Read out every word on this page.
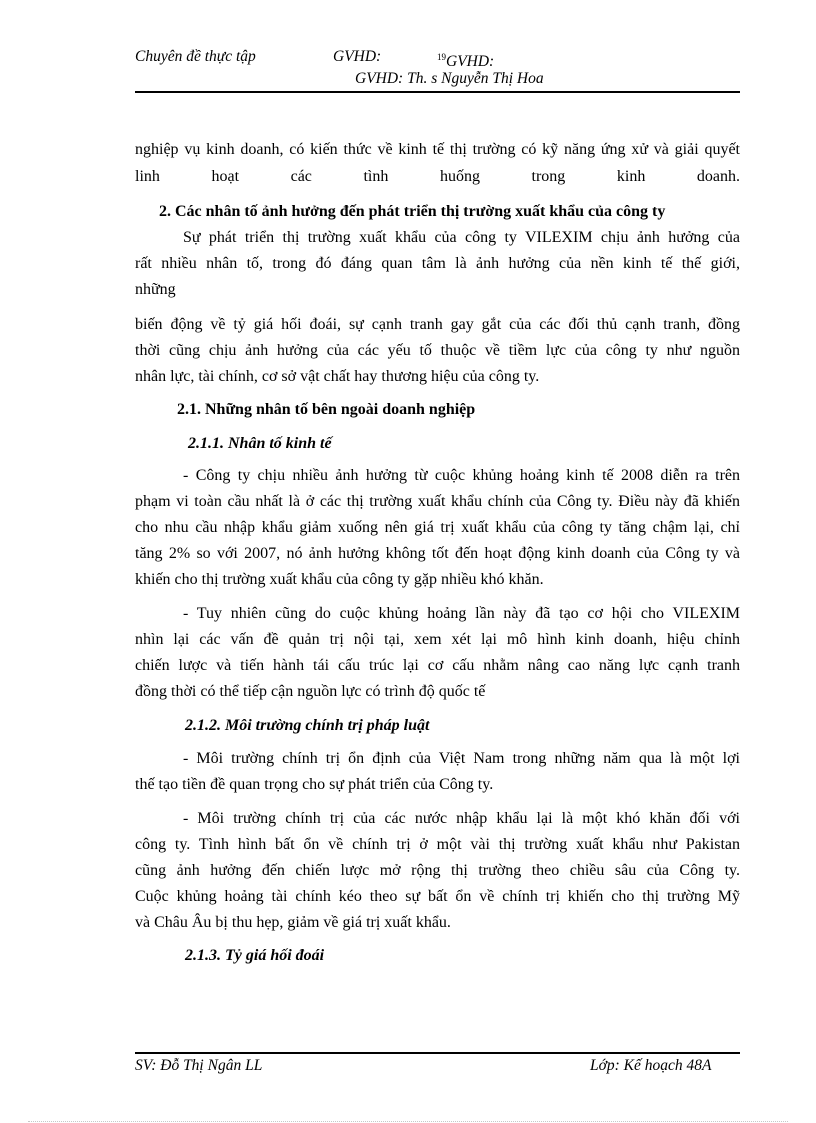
Chuyên đề thực tập	GVHD:	$^{19}$GVHD:
GVHD: Th. s Nguyễn Thị Hoa
nghiệp vụ kinh doanh, có kiến thức về kinh tế thị trường có kỹ năng ứng xử và giải quyết
linh hoạt các tình huống trong kinh doanh.
2. Các nhân tố ảnh hưởng đến phát triển thị trường xuất khẩu của công ty
Sự phát triển thị trường xuất khẩu của công ty VILEXIM chịu ảnh hưởng của
rất nhiều nhân tố, trong đó đáng quan tâm là ảnh hưởng của nền kinh tế thế giới,
những
biến động về tỷ giá hối đoái, sự cạnh tranh gay gắt của các đối thủ cạnh tranh, đồng
thời cũng chịu ảnh hưởng của các yếu tố thuộc về tiềm lực của công ty như nguồn
nhân lực, tài chính, cơ sở vật chất hay thương hiệu của công ty.
2.1. Những nhân tố bên ngoài doanh nghiệp
2.1.1. Nhân tố kinh tế
- Công ty chịu nhiều ảnh hưởng từ cuộc khủng hoảng kinh tế 2008 diễn ra trên
phạm vi toàn cầu nhất là ở các thị trường xuất khẩu chính của Công ty. Điều này đã khiến
cho nhu cầu nhập khẩu giảm xuống nên giá trị xuất khẩu của công ty tăng chậm lại, chỉ
tăng 2% so với 2007, nó ảnh hưởng không tốt đến hoạt động kinh doanh của Công ty và
khiến cho thị trường xuất khẩu của công ty gặp nhiều khó khăn.
- Tuy nhiên cũng do cuộc khủng hoảng lần này đã tạo cơ hội cho VILEXIM
nhìn lại các vấn đề quản trị nội tại, xem xét lại mô hình kinh doanh, hiệu chỉnh
chiến lược và tiến hành tái cấu trúc lại cơ cấu nhằm nâng cao năng lực cạnh tranh
đồng thời có thể tiếp cận nguồn lực có trình độ quốc tế
2.1.2. Môi trường chính trị pháp luật
- Môi trường chính trị ổn định của Việt Nam trong những năm qua là một lợi
thế tạo tiền đề quan trọng cho sự phát triển của Công ty.
- Môi trường chính trị của các nước nhập khẩu lại là một khó khăn đối với
công ty. Tình hình bất ổn về chính trị ở một vài thị trường xuất khẩu như Pakistan
cũng ảnh hưởng đến chiến lược mở rộng thị trường theo chiều sâu của Công ty.
Cuộc khủng hoảng tài chính kéo theo sự bất ổn về chính trị khiến cho thị trường Mỹ
và Châu Âu bị thu hẹp, giảm về giá trị xuất khẩu.
2.1.3. Tỷ giá hối đoái
SV: Đỗ Thị Ngân LL	Lớp: Kế hoạch 48A
